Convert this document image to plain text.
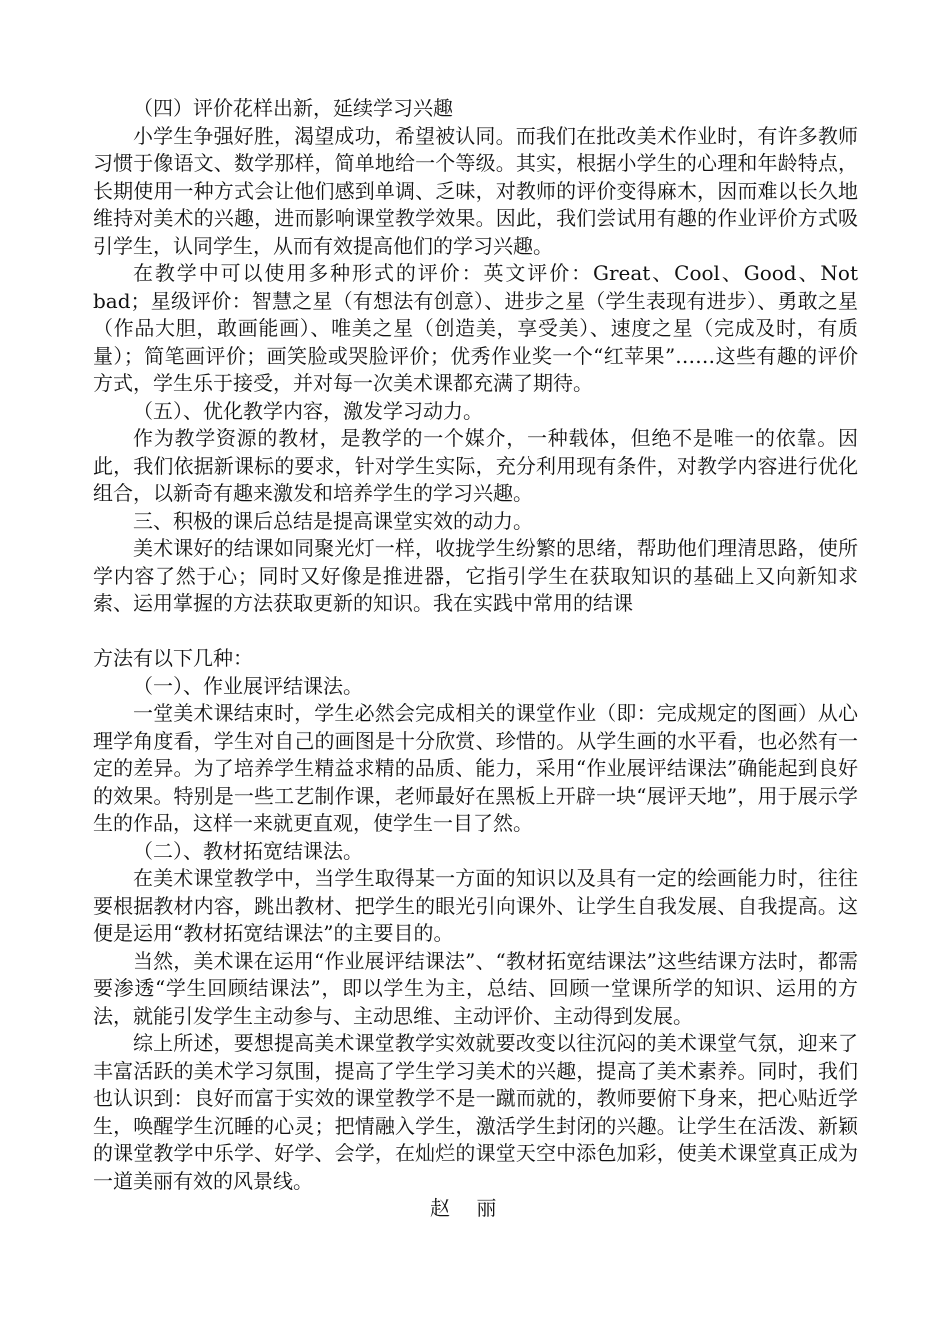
（四）评价花样出新，延续学习兴趣

小学生争强好胜，渴望成功，希望被认同。而我们在批改美术作业时，有许多教师习惯于像语文、数学那样，简单地给一个等级。其实，根据小学生的心理和年龄特点，长期使用一种方式会让他们感到单调、乏味，对教师的评价变得麻木，因而难以长久地维持对美术的兴趣，进而影响课堂教学效果。因此，我们尝试用有趣的作业评价方式吸引学生，认同学生，从而有效提高他们的学习兴趣。

在教学中可以使用多种形式的评价：英文评价：Great、Cool、Good、Not bad；星级评价：智慧之星（有想法有创意）、进步之星（学生表现有进步）、勇敢之星（作品大胆，敢画能画）、唯美之星（创造美，享受美）、速度之星（完成及时，有质量）；简笔画评价；画笑脸或哭脸评价；优秀作业奖一个“红苹果”……这些有趣的评价方式，学生乐于接受，并对每一次美术课都充满了期待。

（五）、优化教学内容，激发学习动力。

作为教学资源的教材，是教学的一个媒介，一种载体，但绝不是唯一的依靠。因此，我们依据新课标的要求，针对学生实际，充分利用现有条件，对教学内容进行优化组合，以新奇有趣来激发和培养学生的学习兴趣。

三、积极的课后总结是提高课堂实效的动力。

美术课好的结课如同聚光灯一样，收拢学生纷繁的思绪，帮助他们理清思路，使所学内容了然于心；同时又好像是推进器，它指引学生在获取知识的基础上又向新知求索、运用掌握的方法获取更新的知识。我在实践中常用的结课

方法有以下几种：

（一）、作业展评结课法。

一堂美术课结束时，学生必然会完成相关的课堂作业（即：完成规定的图画）从心理学角度看，学生对自己的画图是十分欣赏、珍惜的。从学生画的水平看，也必然有一定的差异。为了培养学生精益求精的品质、能力，采用“作业展评结课法”确能起到良好的效果。特别是一些工艺制作课，老师最好在黑板上开辟一块“展评天地”，用于展示学生的作品，这样一来就更直观，使学生一目了然。

（二）、教材拓宽结课法。

在美术课堂教学中，当学生取得某一方面的知识以及具有一定的绘画能力时，往往要根据教材内容，跳出教材、把学生的眼光引向课外、让学生自我发展、自我提高。这便是运用“教材拓宽结课法”的主要目的。

当然，美术课在运用“作业展评结课法”、“教材拓宽结课法”这些结课方法时，都需要渗透“学生回顾结课法”，即以学生为主，总结、回顾一堂课所学的知识、运用的方法，就能引发学生主动参与、主动思维、主动评价、主动得到发展。

综上所述，要想提高美术课堂教学实效就要改变以往沉闷的美术课堂气氛，迎来了丰富活跃的美术学习氛围，提高了学生学习美术的兴趣，提高了美术素养。同时，我们也认识到：良好而富于实效的课堂教学不是一蹴而就的，教师要俯下身来，把心贴近学生，唤醒学生沉睡的心灵；把情融入学生，激活学生封闭的兴趣。让学生在活泼、新颖的课堂教学中乐学、好学、会学，在灿烂的课堂天空中添色加彩，使美术课堂真正成为一道美丽有效的风景线。

赵 丽
